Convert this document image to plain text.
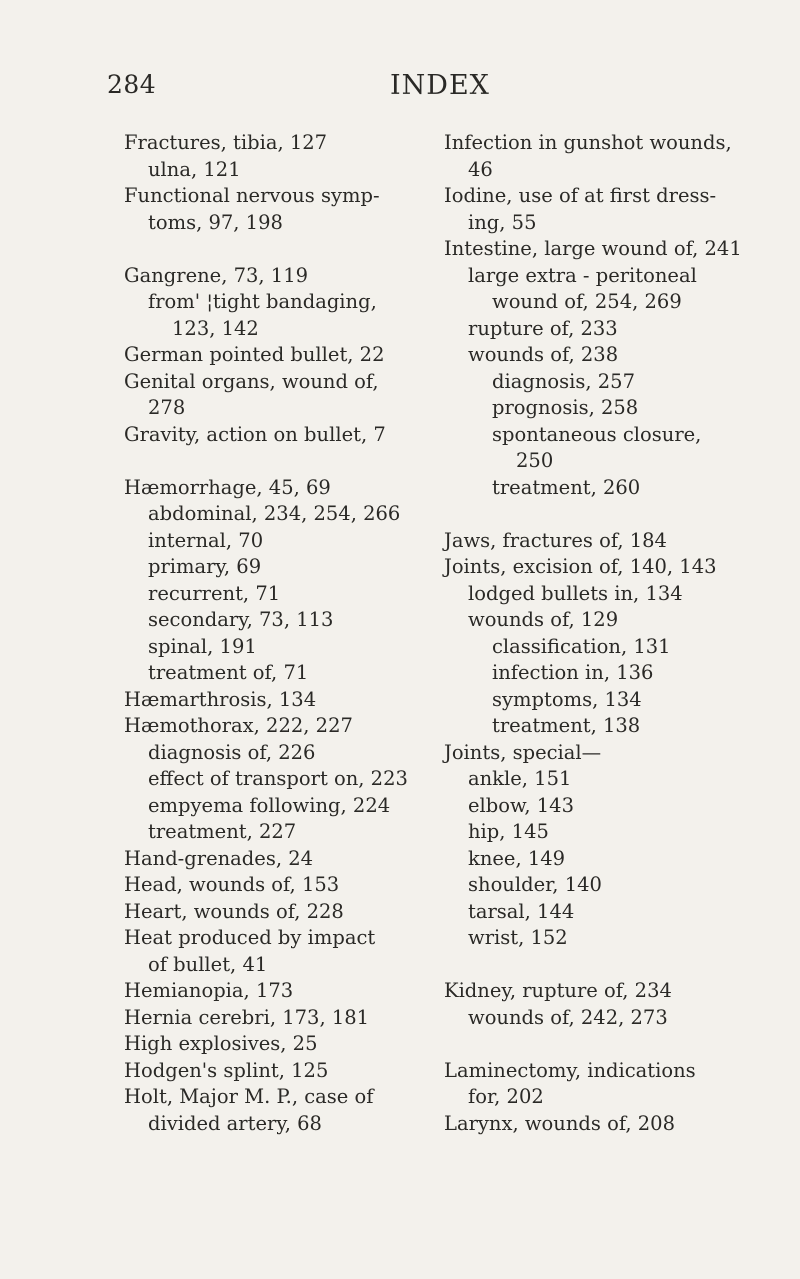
284	INDEX
Fractures, tibia, 127
ulna, 121
Functional nervous symp-
toms, 97, 198
Gangrene, 73, 119
from' ¦tight bandaging,
123, 142
German pointed bullet, 22
Genital organs, wound of,
278
Gravity, action on bullet, 7
Hæmorrhage, 45, 69
abdominal, 234, 254, 266
internal, 70
primary, 69
recurrent, 71
secondary, 73, 113
spinal, 191
treatment of, 71
Hæmarthrosis, 134
Hæmothorax, 222, 227
diagnosis of, 226
effect of transport on, 223
empyema following, 224
treatment, 227
Hand-grenades, 24
Head, wounds of, 153
Heart, wounds of, 228
Heat produced by impact
of bullet, 41
Hemianopia, 173
Hernia cerebri, 173, 181
High explosives, 25
Hodgen's splint, 125
Holt, Major M. P., case of
divided artery, 68
Infection in gunshot wounds,
46
Iodine, use of at first dress-
ing, 55
Intestine, large wound of, 241
large extra - peritoneal
wound of, 254, 269
rupture of, 233
wounds of, 238
diagnosis, 257
prognosis, 258
spontaneous closure,
250
treatment, 260
Jaws, fractures of, 184
Joints, excision of, 140, 143
lodged bullets in, 134
wounds of, 129
classification, 131
infection in, 136
symptoms, 134
treatment, 138
Joints, special—
ankle, 151
elbow, 143
hip, 145
knee, 149
shoulder, 140
tarsal, 144
wrist, 152
Kidney, rupture of, 234
wounds of, 242, 273
Laminectomy, indications
for, 202
Larynx, wounds of, 208
